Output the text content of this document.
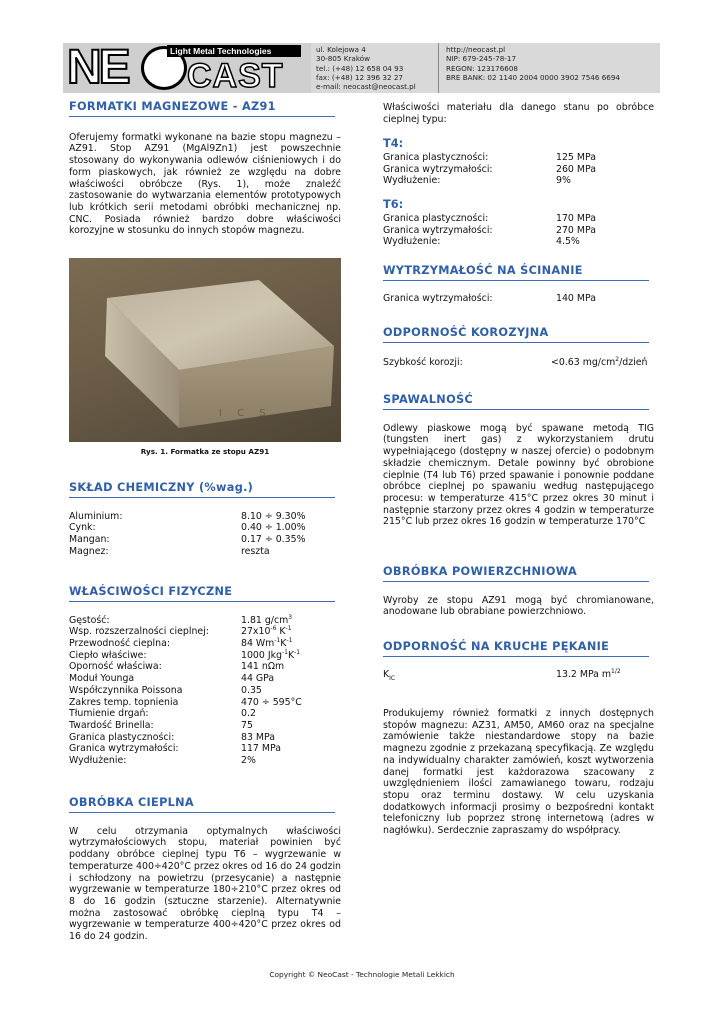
NE CAST
Light Metal Technologies	ul. Kolejowa 4
30-805 Kraków
tel.: (+48) 12 658 04 93
fax: (+48) 12 396 32 27
e-mail: neocast@neocast.pl
http://neocast.pl
NIP: 679-245-78-17
REGON: 123176608
BRE BANK: 02 1140 2004 0000 3902 7546 6694
FORMATKI MAGNEZOWE - AZ91

Oferujemy formatki wykonane na bazie stopu magnezu – AZ91. Stop AZ91 (MgAl9Zn1) jest powszechnie stosowany do wykonywania odlewów ciśnieniowych i do form piaskowych, jak również ze względu na dobre właściwości obróbcze (Rys. 1), może znaleźć zastosowanie do wytwarzania elementów prototypowych lub krótkich serii metodami obróbki mechanicznej np. CNC. Posiada również bardzo dobre właściwości korozyjne w stosunku do innych stopów magnezu.

I C S
Rys. 1. Formatka ze stopu AZ91
SKŁAD CHEMICZNY (%wag.)
Aluminium:	8.10 ÷ 9.30%
Cynk:	0.40 ÷ 1.00%
Mangan:	0.17 ÷ 0.35%
Magnez:	reszta
WŁAŚCIWOŚCI FIZYCZNE
Gęstość:	1.81 $g/cm^3$
Wsp. rozszerzalności cieplnej:	$27x10^{-6}$ $K^{-1}$
Przewodność cieplna:	84 $Wm^{-1}K^{-1}$
Ciepło właściwe:	1000 $Jkg^{-1}K^{-1}$
Oporność właściwa:	141 nΩm
Moduł Younga	44 GPa
Współczynnika Poissona	0.35
Zakres temp. topnienia	470 ÷ 595°C
Tłumienie drgań:	0.2
Twardość Brinella:	75
Granica plastyczności:	83 MPa
Granica wytrzymałości:	117 MPa
Wydłużenie:	2%
OBRÓBKA CIEPLNA

W celu otrzymania optymalnych właściwości wytrzymałościowych stopu, materiał powinien być poddany obróbce cieplnej typu T6 – wygrzewanie w temperaturze 400÷420°C przez okres od 16 do 24 godzin i schłodzony na powietrzu (przesycanie) a następnie wygrzewanie w temperaturze 180÷210°C przez okres od 8 do 16 godzin (sztuczne starzenie). Alternatywnie można zastosować obróbkę cieplną typu T4 – wygrzewanie w temperaturze 400÷420°C przez okres od 16 do 24 godzin.

Właściwości materiału dla danego stanu po obróbce cieplnej typu:

T4:
Granica plastyczności:	125 MPa
Granica wytrzymałości:	260 MPa
Wydłużenie:	9%
T6:
Granica plastyczności:	170 MPa
Granica wytrzymałości:	270 MPa
Wydłużenie:	4.5%
WYTRZYMAŁOŚĆ NA ŚCINANIE
Granica wytrzymałości:	140 MPa
ODPORNOŚĆ KOROZYJNA
Szybkość korozji:	<0.63 $mg/cm^2$/dzień
SPAWALNOŚĆ

Odlewy piaskowe mogą być spawane metodą TIG (tungsten inert gas) z wykorzystaniem drutu wypełniającego (dostępny w naszej ofercie) o podobnym składzie chemicznym. Detale powinny być obrobione cieplnie (T4 lub T6) przed spawanie i ponownie poddane obróbce cieplnej po spawaniu według następującego procesu: w temperaturze 415°C przez okres 30 minut i następnie starzony przez okres 4 godzin w temperaturze 215°C lub przez okres 16 godzin w temperaturze 170°C

OBRÓBKA POWIERZCHNIOWA

Wyroby ze stopu AZ91 mogą być chromianowane, anodowane lub obrabiane powierzchniowo.

ODPORNOŚĆ NA KRUCHE PĘKANIE
$K_{IC}$	13.2 MPa $m^{1/2}$

Produkujemy również formatki z innych dostępnych stopów magnezu: AZ31, AM50, AM60 oraz na specjalne zamówienie także niestandardowe stopy na bazie magnezu zgodnie z przekazaną specyfikacją. Ze względu na indywidualny charakter zamówień, koszt wytworzenia danej formatki jest każdorazowa szacowany z uwzględnieniem ilości zamawianego towaru, rodzaju stopu oraz terminu dostawy. W celu uzyskania dodatkowych informacji prosimy o bezpośredni kontakt telefoniczny lub poprzez stronę internetową (adres w nagłówku). Serdecznie zapraszamy do współpracy.

Copyright © NeoCast - Technologie Metali Lekkich
